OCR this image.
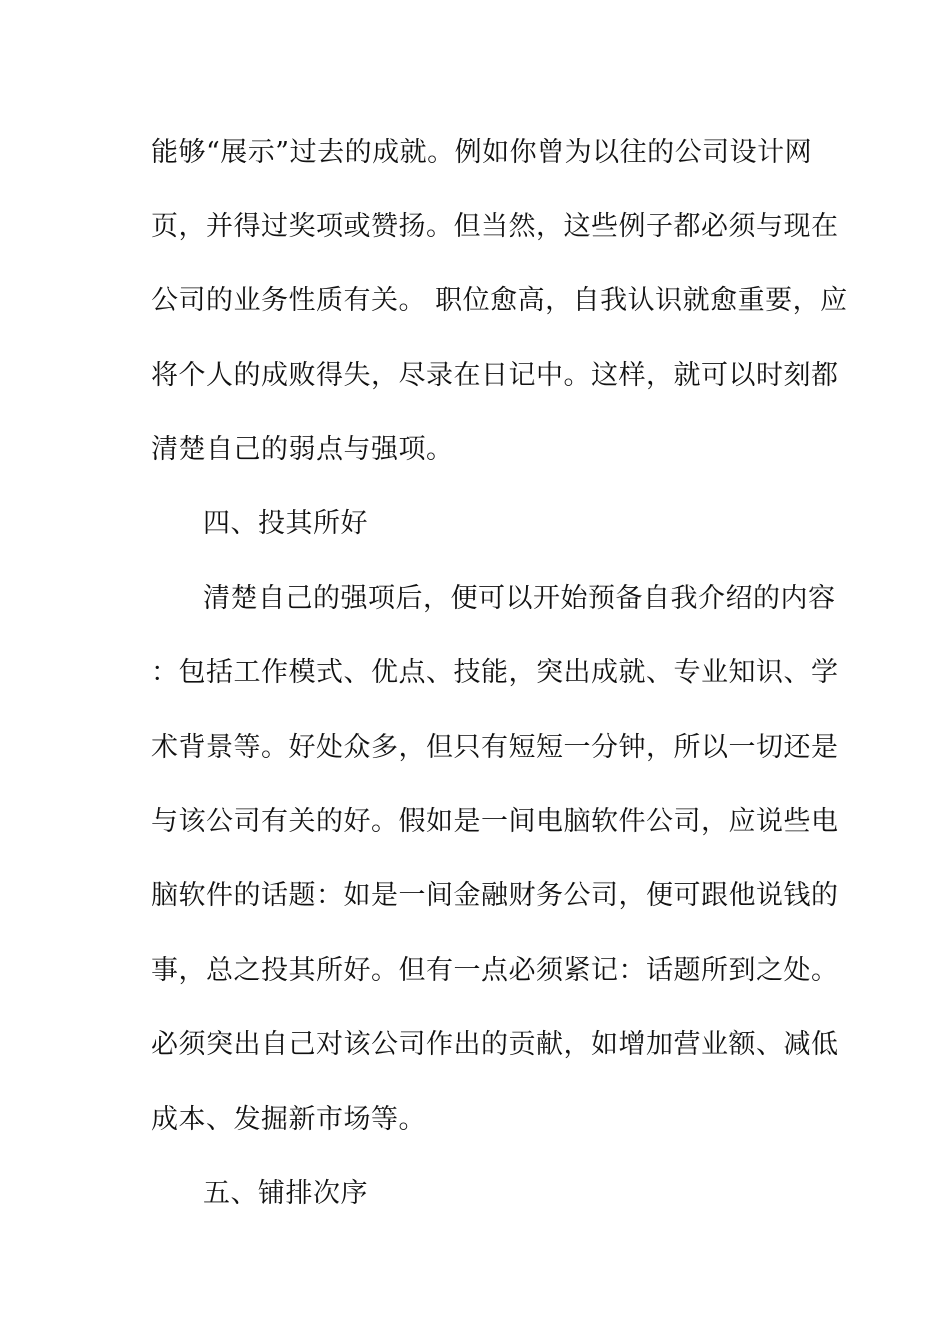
能够“展示”过去的成就。例如你曾为以往的公司设计网

页，并得过奖项或赞扬。但当然，这些例子都必须与现在

公司的业务性质有关。 职位愈高，自我认识就愈重要，应

将个人的成败得失，尽录在日记中。这样，就可以时刻都

清楚自己的弱点与强项。

四、投其所好

清楚自己的强项后，便可以开始预备自我介绍的内容

：包括工作模式、优点、技能，突出成就、专业知识、学

术背景等。好处众多，但只有短短一分钟，所以一切还是

与该公司有关的好。假如是一间电脑软件公司，应说些电

脑软件的话题：如是一间金融财务公司，便可跟他说钱的

事，总之投其所好。但有一点必须紧记：话题所到之处。

必须突出自己对该公司作出的贡献，如增加营业额、减低

成本、发掘新市场等。

五、铺排次序
